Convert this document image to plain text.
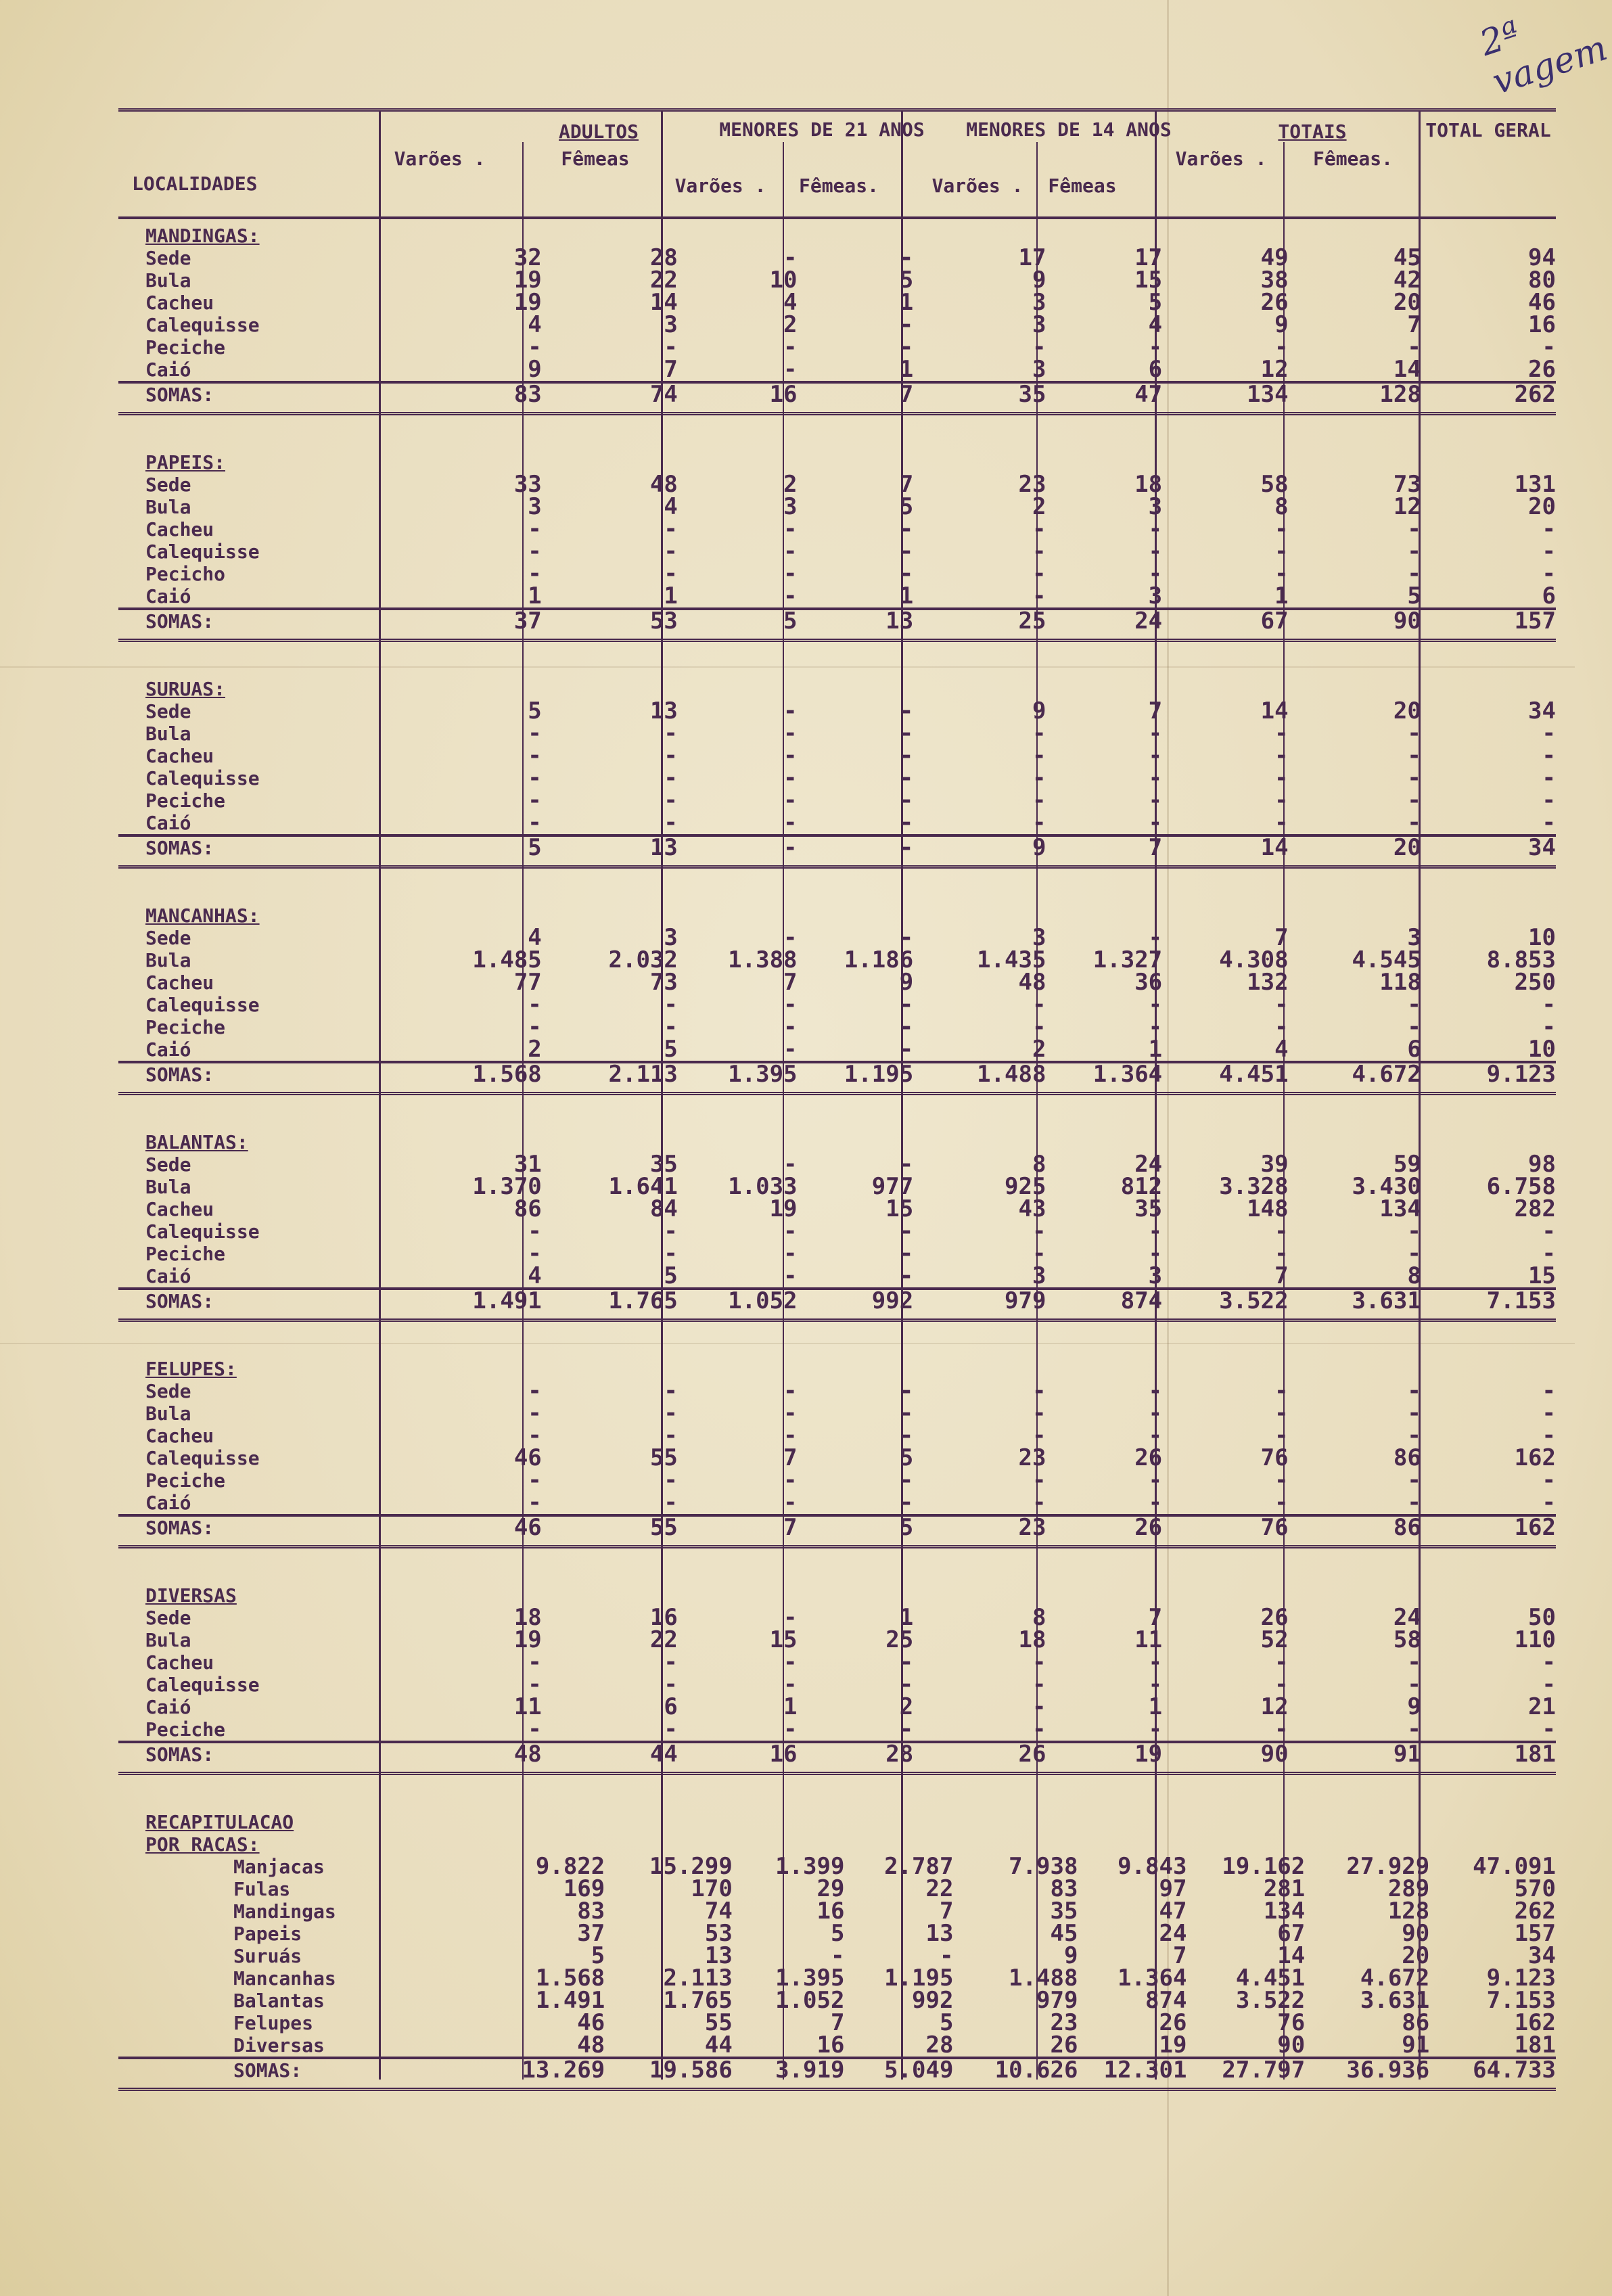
2ª vagem
ADULTOS	MENORES DE 21 ANOS	MENORES DE 14 ANOS	TOTAIS	TOTAL GERAL
LOCALIDADES
Varões .	Fêmeas
Varões .	Fêmeas.	Varões .	Fêmeas
Varões .	Fêmeas.
MANDINGAS:
Sede	32	28	-	-	17	17	49	45	94
Bula	19	22	10	5	9	15	38	42	80
Cacheu	19	14	4	1	3	5	26	20	46
Calequisse	4	3	2	-	3	4	9	7	16
Peciche	-	-	-	-	-	-	-	-	-
Caió	9	7	-	1	3	6	12	14	26
SOMAS:	83	74	16	7	35	47	134	128	262
PAPEIS:
Sede	33	48	2	7	23	18	58	73	131
Bula	3	4	3	5	2	3	8	12	20
Cacheu	-	-	-	-	-	-	-	-	-
Calequisse	-	-	-	-	-	-	-	-	-
Pecicho	-	-	-	-	-	-	-	-	-
Caió	1	1	-	1	-	3	1	5	6
SOMAS:	37	53	5	13	25	24	67	90	157
SURUAS:
Sede	5	13	-	-	9	7	14	20	34
Bula	-	-	-	-	-	-	-	-	-
Cacheu	-	-	-	-	-	-	-	-	-
Calequisse	-	-	-	-	-	-	-	-	-
Peciche	-	-	-	-	-	-	-	-	-
Caió	-	-	-	-	-	-	-	-	-
SOMAS:	5	13	-	-	9	7	14	20	34
MANCANHAS:
Sede	4	3	-	-	3	-	7	3	10
Bula	1.485	2.032	1.388	1.186	1.435	1.327	4.308	4.545	8.853
Cacheu	77	73	7	9	48	36	132	118	250
Calequisse	-	-	-	-	-	-	-	-	-
Peciche	-	-	-	-	-	-	-	-	-
Caió	2	5	-	-	2	1	4	6	10
SOMAS:	1.568	2.113	1.395	1.195	1.488	1.364	4.451	4.672	9.123
BALANTAS:
Sede	31	35	-	-	8	24	39	59	98
Bula	1.370	1.641	1.033	977	925	812	3.328	3.430	6.758
Cacheu	86	84	19	15	43	35	148	134	282
Calequisse	-	-	-	-	-	-	-	-	-
Peciche	-	-	-	-	-	-	-	-	-
Caió	4	5	-	-	3	3	7	8	15
SOMAS:	1.491	1.765	1.052	992	979	874	3.522	3.631	7.153
FELUPES:
Sede	-	-	-	-	-	-	-	-	-
Bula	-	-	-	-	-	-	-	-	-
Cacheu	-	-	-	-	-	-	-	-	-
Calequisse	46	55	7	5	23	26	76	86	162
Peciche	-	-	-	-	-	-	-	-	-
Caió	-	-	-	-	-	-	-	-	-
SOMAS:	46	55	7	5	23	26	76	86	162
DIVERSAS
Sede	18	16	-	1	8	7	26	24	50
Bula	19	22	15	25	18	11	52	58	110
Cacheu	-	-	-	-	-	-	-	-	-
Calequisse	-	-	-	-	-	-	-	-	-
Caió	11	6	1	2	-	1	12	9	21
Peciche	-	-	-	-	-	-	-	-	-
SOMAS:	48	44	16	28	26	19	90	91	181
RECAPITULACAO
POR RACAS:
Manjacas	9.822	15.299	1.399	2.787	7.938	9.843	19.162	27.929	47.091
Fulas	169	170	29	22	83	97	281	289	570
Mandingas	83	74	16	7	35	47	134	128	262
Papeis	37	53	5	13	45	24	67	90	157
Suruás	5	13	-	-	9	7	14	20	34
Mancanhas	1.568	2.113	1.395	1.195	1.488	1.364	4.451	4.672	9.123
Balantas	1.491	1.765	1.052	992	979	874	3.522	3.631	7.153
Felupes	46	55	7	5	23	26	76	86	162
Diversas	48	44	16	28	26	19	90	91	181
SOMAS:	13.269	19.586	3.919	5.049	10.626	12.301	27.797	36.936	64.733
